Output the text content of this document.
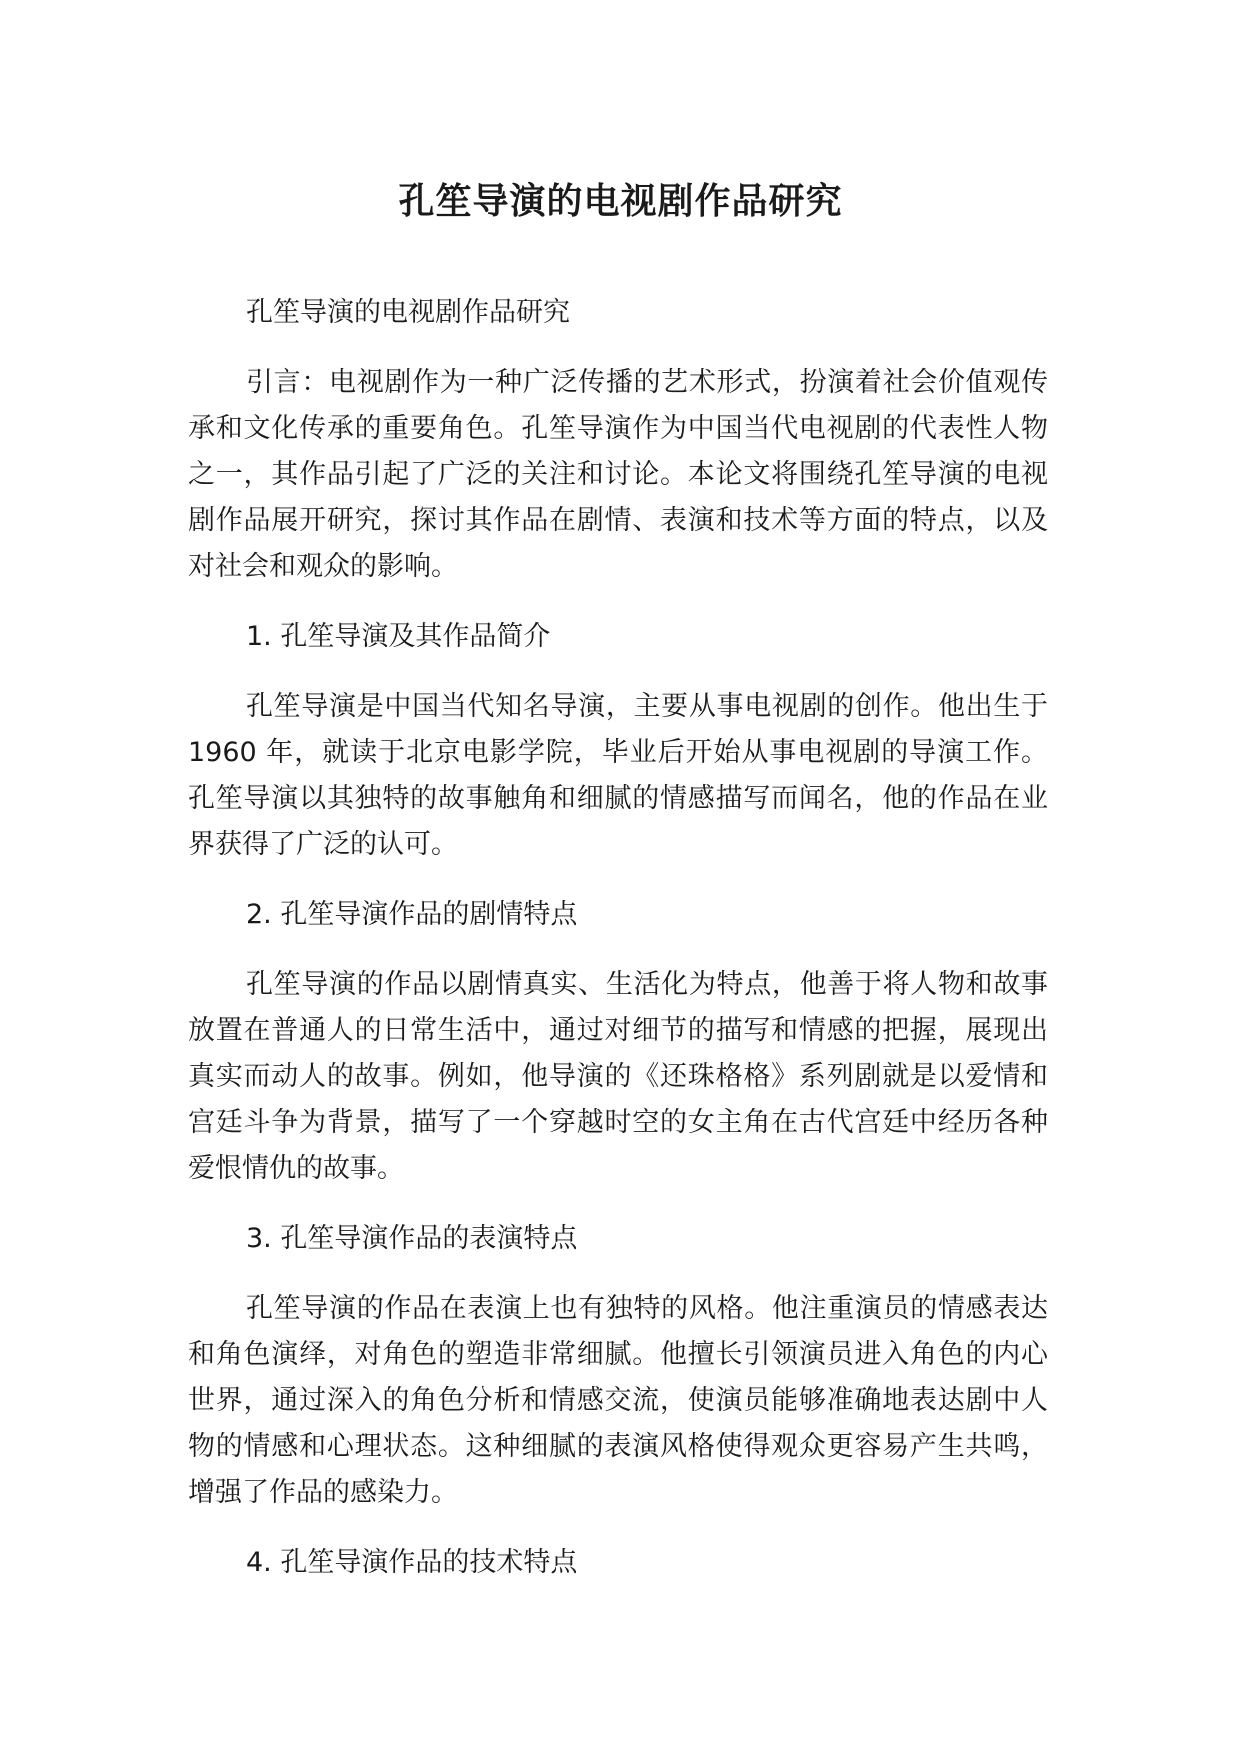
孔笙导演的电视剧作品研究

孔笙导演的电视剧作品研究

引言：电视剧作为一种广泛传播的艺术形式，扮演着社会价值观传承和文化传承的重要角色。孔笙导演作为中国当代电视剧的代表性人物之一，其作品引起了广泛的关注和讨论。本论文将围绕孔笙导演的电视剧作品展开研究，探讨其作品在剧情、表演和技术等方面的特点，以及对社会和观众的影响。

1. 孔笙导演及其作品简介

孔笙导演是中国当代知名导演，主要从事电视剧的创作。他出生于 1960 年，就读于北京电影学院，毕业后开始从事电视剧的导演工作。孔笙导演以其独特的故事触角和细腻的情感描写而闻名，他的作品在业界获得了广泛的认可。

2. 孔笙导演作品的剧情特点

孔笙导演的作品以剧情真实、生活化为特点，他善于将人物和故事放置在普通人的日常生活中，通过对细节的描写和情感的把握，展现出真实而动人的故事。例如，他导演的《还珠格格》系列剧就是以爱情和宫廷斗争为背景，描写了一个穿越时空的女主角在古代宫廷中经历各种爱恨情仇的故事。

3. 孔笙导演作品的表演特点

孔笙导演的作品在表演上也有独特的风格。他注重演员的情感表达和角色演绎，对角色的塑造非常细腻。他擅长引领演员进入角色的内心世界，通过深入的角色分析和情感交流，使演员能够准确地表达剧中人物的情感和心理状态。这种细腻的表演风格使得观众更容易产生共鸣，增强了作品的感染力。

4. 孔笙导演作品的技术特点
